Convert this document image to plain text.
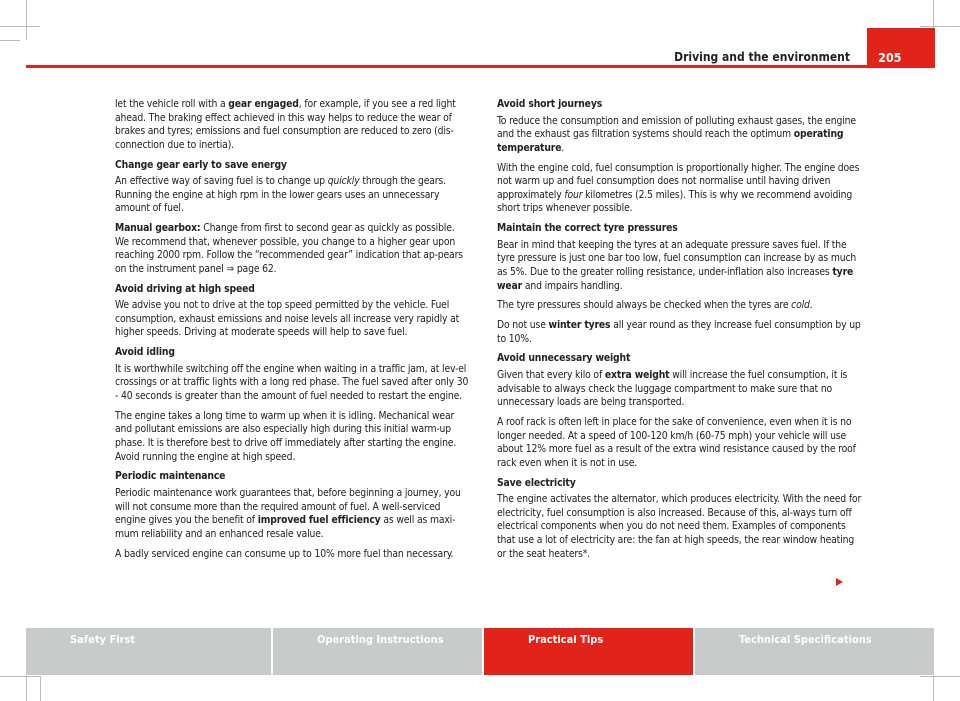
205
Driving and the environment

let the vehicle roll with a gear engaged, for example, if you see a red light ahead. The braking effect achieved in this way helps to reduce the wear of brakes and tyres; emissions and fuel consumption are reduced to zero (dis-connection due to inertia).

Change gear early to save energy

An effective way of saving fuel is to change up quickly through the gears. Running the engine at high rpm in the lower gears uses an unnecessary amount of fuel.

Manual gearbox: Change from first to second gear as quickly as possible. We recommend that, whenever possible, you change to a higher gear upon reaching 2000 rpm. Follow the “recommended gear” indication that ap-pears on the instrument panel ⇒ page 62.

Avoid driving at high speed

We advise you not to drive at the top speed permitted by the vehicle. Fuel consumption, exhaust emissions and noise levels all increase very rapidly at higher speeds. Driving at moderate speeds will help to save fuel.

Avoid idling

It is worthwhile switching off the engine when waiting in a traffic jam, at lev-el crossings or at traffic lights with a long red phase. The fuel saved after only 30 - 40 seconds is greater than the amount of fuel needed to restart the engine.

The engine takes a long time to warm up when it is idling. Mechanical wear and pollutant emissions are also especially high during this initial warm-up phase. It is therefore best to drive off immediately after starting the engine. Avoid running the engine at high speed.

Periodic maintenance

Periodic maintenance work guarantees that, before beginning a journey, you will not consume more than the required amount of fuel. A well-serviced engine gives you the benefit of improved fuel efficiency as well as maxi-mum reliability and an enhanced resale value.

A badly serviced engine can consume up to 10% more fuel than necessary.

Avoid short journeys

To reduce the consumption and emission of polluting exhaust gases, the engine and the exhaust gas filtration systems should reach the optimum operating temperature.

With the engine cold, fuel consumption is proportionally higher. The engine does not warm up and fuel consumption does not normalise until having driven approximately four kilometres (2.5 miles). This is why we recommend avoiding short trips whenever possible.

Maintain the correct tyre pressures

Bear in mind that keeping the tyres at an adequate pressure saves fuel. If the tyre pressure is just one bar too low, fuel consumption can increase by as much as 5%. Due to the greater rolling resistance, under-inflation also increases tyre wear and impairs handling.

The tyre pressures should always be checked when the tyres are cold.

Do not use winter tyres all year round as they increase fuel consumption by up to 10%.

Avoid unnecessary weight

Given that every kilo of extra weight will increase the fuel consumption, it is advisable to always check the luggage compartment to make sure that no unnecessary loads are being transported.

A roof rack is often left in place for the sake of convenience, even when it is no longer needed. At a speed of 100-120 km/h (60-75 mph) your vehicle will use about 12% more fuel as a result of the extra wind resistance caused by the roof rack even when it is not in use.

Save electricity

The engine activates the alternator, which produces electricity. With the need for electricity, fuel consumption is also increased. Because of this, al-ways turn off electrical components when you do not need them. Examples of components that use a lot of electricity are: the fan at high speeds, the rear window heating or the seat heaters*.

Safety First	Operating Instructions	Practical Tips	Technical Specifications
